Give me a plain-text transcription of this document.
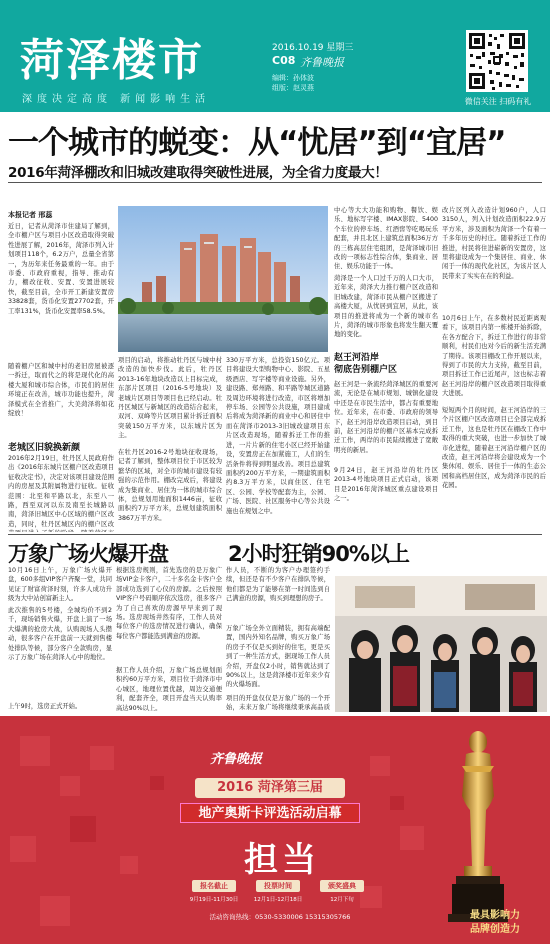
菏泽楼市
深度决定高度 新闻影响生活
2016.10.19 星期三
C08 齐鲁晚报
编辑：孙体波
组版：赵灵燕
微信关注 扫码有礼
一个城市的蜕变：从“忧居”到“宜居”
2016年菏泽棚改和旧城改建取得突破性进展，为全省力度最大！
本报记者 邢蕊
近日，记者从菏泽市住建局了解到，全市棚户区与项目小区改造取得突破性进展了解，2016年，菏泽市列入计划项目118个，6.2万户，总量全省第一，为历年来任务最重的一年。由于市委、市政府重视，指导、推动有力，棚改征收、安置、安置进展较快，截至目前，全市开工新建安置房33828套，货币化安置27702套，开工率131%，货币化安置率58.5%。
随着棚户区和城中村的老旧房屋被逐一拆迁，取而代之的将是现代化的高楼大厦和城市综合体，市民们的居住环境正在改善，城市功能也提升，菏泽模式在全省推广，大美菏泽将如花绽放！
老城区旧貌换新颜
2016年2月19日，牡丹区人民政府作出《2016年东城片区棚户区改造项目征收决定书》，决定对该项目建设范围内的房屋及其附属物进行征收。征收范围：北至和平路以北，东至八一路，西至双河以东及南至长城路以南，菏泽旧城区中心区域的棚户区改造，同时，牡丹区城区内的棚户区改
项目的启动，将推动牡丹区与城中村改造的加快步伐。此后，牡丹区2013-16年地块改造以上目标完成，东部片区项目（2016-5号地块）及老城片区项目等项目也已经启动。牡丹区城区与新城区的改造结合起来，双河、双峰等片区项目累计拆迁面积突破150万平方米，以东城片区为主。
在牡丹区2016-2号地块征收现场，记者了解到，整体项目位于市区较为繁华的区域，对全市的城市建设有较强的示范作用。棚改完成后，将建设成为集商业、居住为一体的城市综合体，总规划用地面积1446亩，征收面积约7万平方米，总规划建筑面积3867万平方米。
330万平方米，总投资150亿元。项目将建设大型购物中心、影院、五星级酒店、写字楼等商业设施。另外，建设路、郑州路、和平路等城区道路及周边环境将进行改造，市区将增加停车场、公园等公共设施，项目建成后将成为菏泽新的商业中心和居住中
而在菏泽市2013-3旧城改建项目东片区改造现场，随着拆迁工作的推进，一片片新的住宅小区已经开始建设，安置房正在加紧施工，人们的生活条件将得到明显改善。项目总建筑面积约200万平方米，一期建筑面积约8.3万平方米，以商住区、住宅区、公园、学校等配套为主，公园、广场、医院、社区服务中心等公共设施也在规划之中。
中心等大大功能和购物、餐饮、娱乐、地标写字楼、IMAX影院、5400个车位的停车场、红酒窖等吃喝玩乐配套，并且北区上建筑总面积36万方的三栋高层住宅组团，是菏泽城市旧改的一项标志性综合体，集商业、居住、娱乐功能于一体。
菏泽是一个人口过千万的人口大市，近年来，菏泽大力推行棚户区改造和旧城改建，菏泽市民从棚户区搬进了高楼大厦，从忧居到宜居，从此，该项目的推进将成为一个新的城市名片，菏泽的城市形象也将发生翻天覆地的变化。
赵王河沿岸
彻底告别棚户区
赵王河是一条流经菏泽城区的重要河流，无论是在城市规划、城镇化建设中还是在市民生活中，都占有重要地位。近年来，在市委、市政府的领导下，赵王河沿岸改造项目启动，到目前，赵王河沿岸的棚户区基本完成拆迁工作，两岸的市民陆续搬进了宽敞明亮的新居。
9月24日，赵王河沿岸的牡丹区2013-4号地块项目正式启动，该项目是2016年菏泽城区重点建设项目之一。
改片区列入改造计划960户，人口3150人，列入计划改造面积22.9万平方米，涉及面积为菏泽一个有着一千多年历史的村庄。随着拆迁工作的推进，村民将住进崭新的安置房，这里将建设成为一个集居住、商业、休闲于一体的现代化社区，为该片区人民带来了实实在在的利益。
10月6日上午，在多数村民近距离观看下，该项目内第一栋楼开始拆除，在各方配合下，拆迁工作进行的非常顺利，村民们也对今后的新生活充满了期待。该项目棚改工作开展以来，得到了市民的大力支持，截至目前，项目拆迁工作已近尾声，这也标志着赵王河沿岸的棚户区改造项目取得重大进展。
短短两个月的时间，赵王河沿岸的三个片区棚户区改造项目已全部完成拆迁工作，这也是牡丹区在棚改工作中取得的重大突破，也进一步加快了城市化进程，随着赵王河沿岸棚户区的改造，赵王河沿岸将会建设成为一个集休闲、娱乐、居住于一体的生态公园和高档居住区，成为菏泽市民的后花园。
万象广场火爆开盘	2小时狂销90%以上
10月16日上午，万象广场火爆开盘，600多组VIP客户齐聚一堂，共同见证了财富荷泽时刻，许多人成功升级为大中站创富新主人。
此次推售的5号楼，全城均价不到2千，现场销售火爆，开盘上演了一场大爆满的抢房大战，认购现场人头攒动，很多客户在开盘前一天就到售楼处排队等候，部分客户全款购房，显示了万象广场在菏泽人心中的地位。
上午9时，选房正式开始。
根据选房规则，首先选房的是万象广场VIP金卡客户，二十多名金卡客户全部成功选到了心仪的房源。之后按照VIP客户号码顺序依次选房，很多客户为了自己喜欢的房源早早来到了现场。选房现场井然有序，工作人员对每位客户的选房情况进行确认，确保每位客户都能选到满意的房源。
据工作人员介绍，万象广场总规划面积约60万平方米，项目位于菏泽市中心城区，地理位置优越，周边交通便利，配套齐全，项目开盘当天认购率高达90%以上。
作人员，不断的为客户办理签约手续，但还是有不少客户在排队等候，他们都是为了能够在第一时间选到自己满意的房源，购买到理想的房子。
万象广场全外立面精装，拥有高端配置，国内外知名品牌，购买万象广场的房子不仅是买到好的住宅，更是买到了一种生活方式，据现场工作人员介绍，开盘仅2小时，销售就达到了90%以上，这是菏泽楼市近年来少有的火爆场面。
项目的开盘仅仅是万象广场的一个开始，未来万象广场将继续秉承高品质
齐鲁晚报
2016 菏泽第三届
地产奥斯卡评选活动启幕
担当
报名截止	投票时间	颁奖盛典
9月19日-11月30日	12月1日-12月18日	12月下旬
活动咨询热线：0530-5330006 15315305766	最具影响力
品牌创造力
